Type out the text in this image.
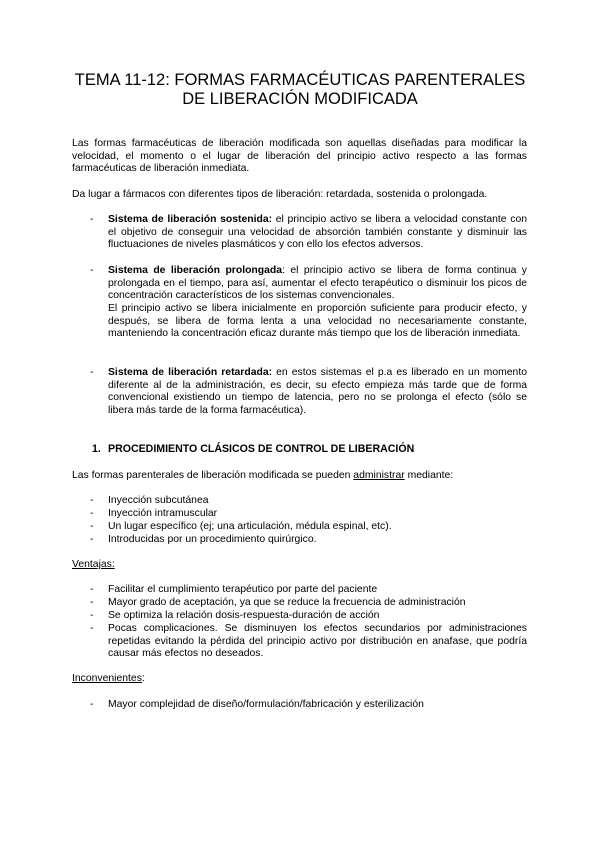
TEMA 11-12: FORMAS FARMACÉUTICAS PARENTERALES
DE LIBERACIÓN MODIFICADA
Las formas farmacéuticas de liberación modificada son aquellas diseñadas para modificar la velocidad, el momento o el lugar de liberación del principio activo respecto a las formas farmacéuticas de liberación inmediata.
Da lugar a fármacos con diferentes tipos de liberación: retardada, sostenida o prolongada.
-	Sistema de liberación sostenida: el principio activo se libera a velocidad constante con el objetivo de conseguir una velocidad de absorción también constante y disminuir las fluctuaciones de niveles plasmáticos y con ello los efectos adversos.
-	Sistema de liberación prolongada: el principio activo se libera de forma continua y prolongada en el tiempo, para así, aumentar el efecto terapéutico o disminuir los picos de concentración característicos de los sistemas convencionales.
El principio activo se libera inicialmente en proporción suficiente para producir efecto, y después, se libera de forma lenta a una velocidad no necesariamente constante, manteniendo la concentración eficaz durante más tiempo que los de liberación inmediata.
-	Sistema de liberación retardada: en estos sistemas el p.a es liberado en un momento diferente al de la administración, es decir, su efecto empieza más tarde que de forma convencional existiendo un tiempo de latencia, pero no se prolonga el efecto (sólo se libera más tarde de la forma farmacéutica).
1. PROCEDIMIENTO CLÁSICOS DE CONTROL DE LIBERACIÓN
Las formas parenterales de liberación modificada se pueden administrar mediante:
-	Inyección subcutánea
-	Inyección intramuscular
-	Un lugar específico (ej; una articulación, médula espinal, etc).
-	Introducidas por un procedimiento quirúrgico.
Ventajas:
-	Facilitar el cumplimiento terapéutico por parte del paciente
-	Mayor grado de aceptación, ya que se reduce la frecuencia de administración
-	Se optimiza la relación dosis-respuesta-duración de acción
-	Pocas complicaciones. Se disminuyen los efectos secundarios por administraciones repetidas evitando la pérdida del principio activo por distribución en anafase, que podría causar más efectos no deseados.
Inconvenientes:
-	Mayor complejidad de diseño/formulación/fabricación y esterilización
